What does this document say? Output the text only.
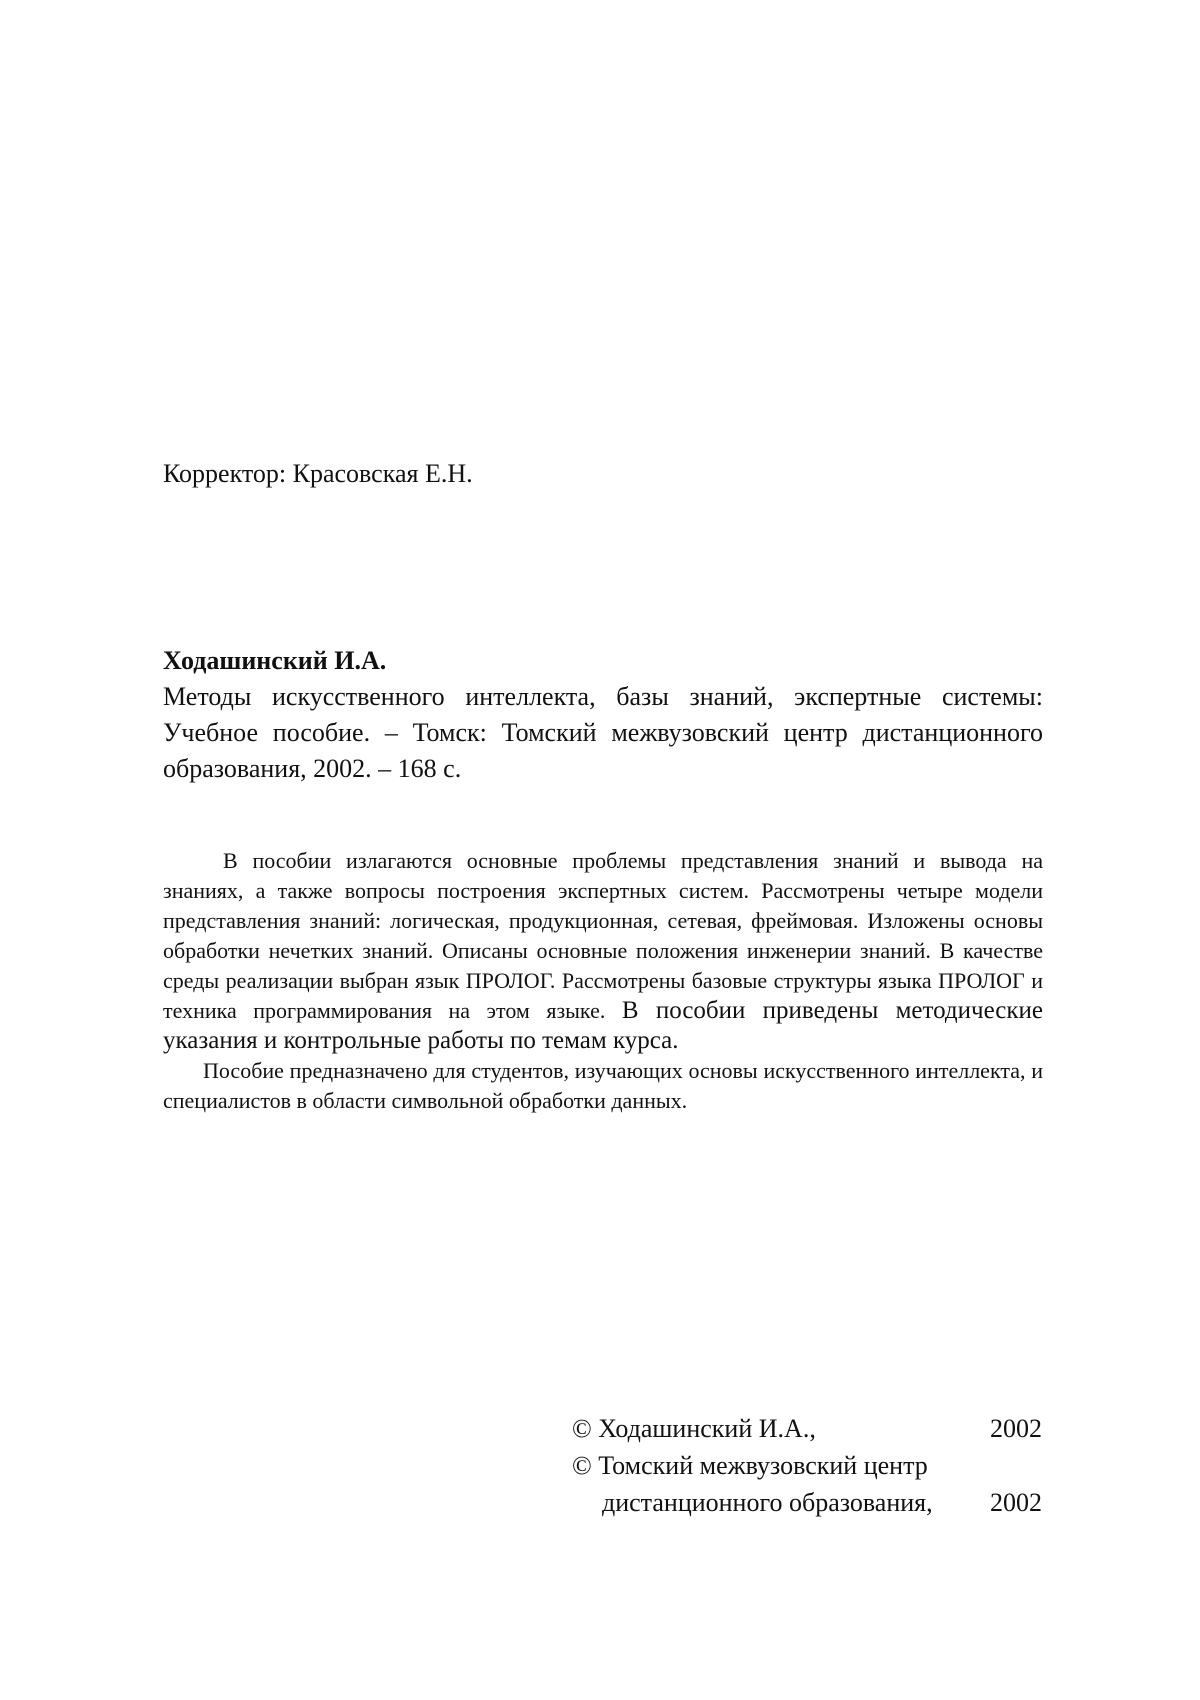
Корректор: Красовская Е.Н.
Ходашинский И.А.
Методы искусственного интеллекта, базы знаний, экспертные системы: Учебное пособие. – Томск: Томский межвузовский центр дистанционного образования, 2002. – 168 с.

В пособии излагаются основные проблемы представления знаний и вывода на знаниях, а также вопросы построения экспертных систем. Рассмотрены четыре модели представления знаний: логическая, продукционная, сетевая, фреймовая. Изложены основы обработки нечетких знаний. Описаны основные положения инженерии знаний. В качестве среды реализации выбран язык ПРОЛОГ. Рассмотрены базовые структуры языка ПРОЛОГ и техника программирования на этом языке. В пособии приведены методические указания и контрольные работы по темам курса.

Пособие предназначено для студентов, изучающих основы искусственного интеллекта, и специалистов в области символьной обработки данных.

© Ходашинский И.А.,	2002
© Томский межвузовский центр
дистанционного образования, 2002
